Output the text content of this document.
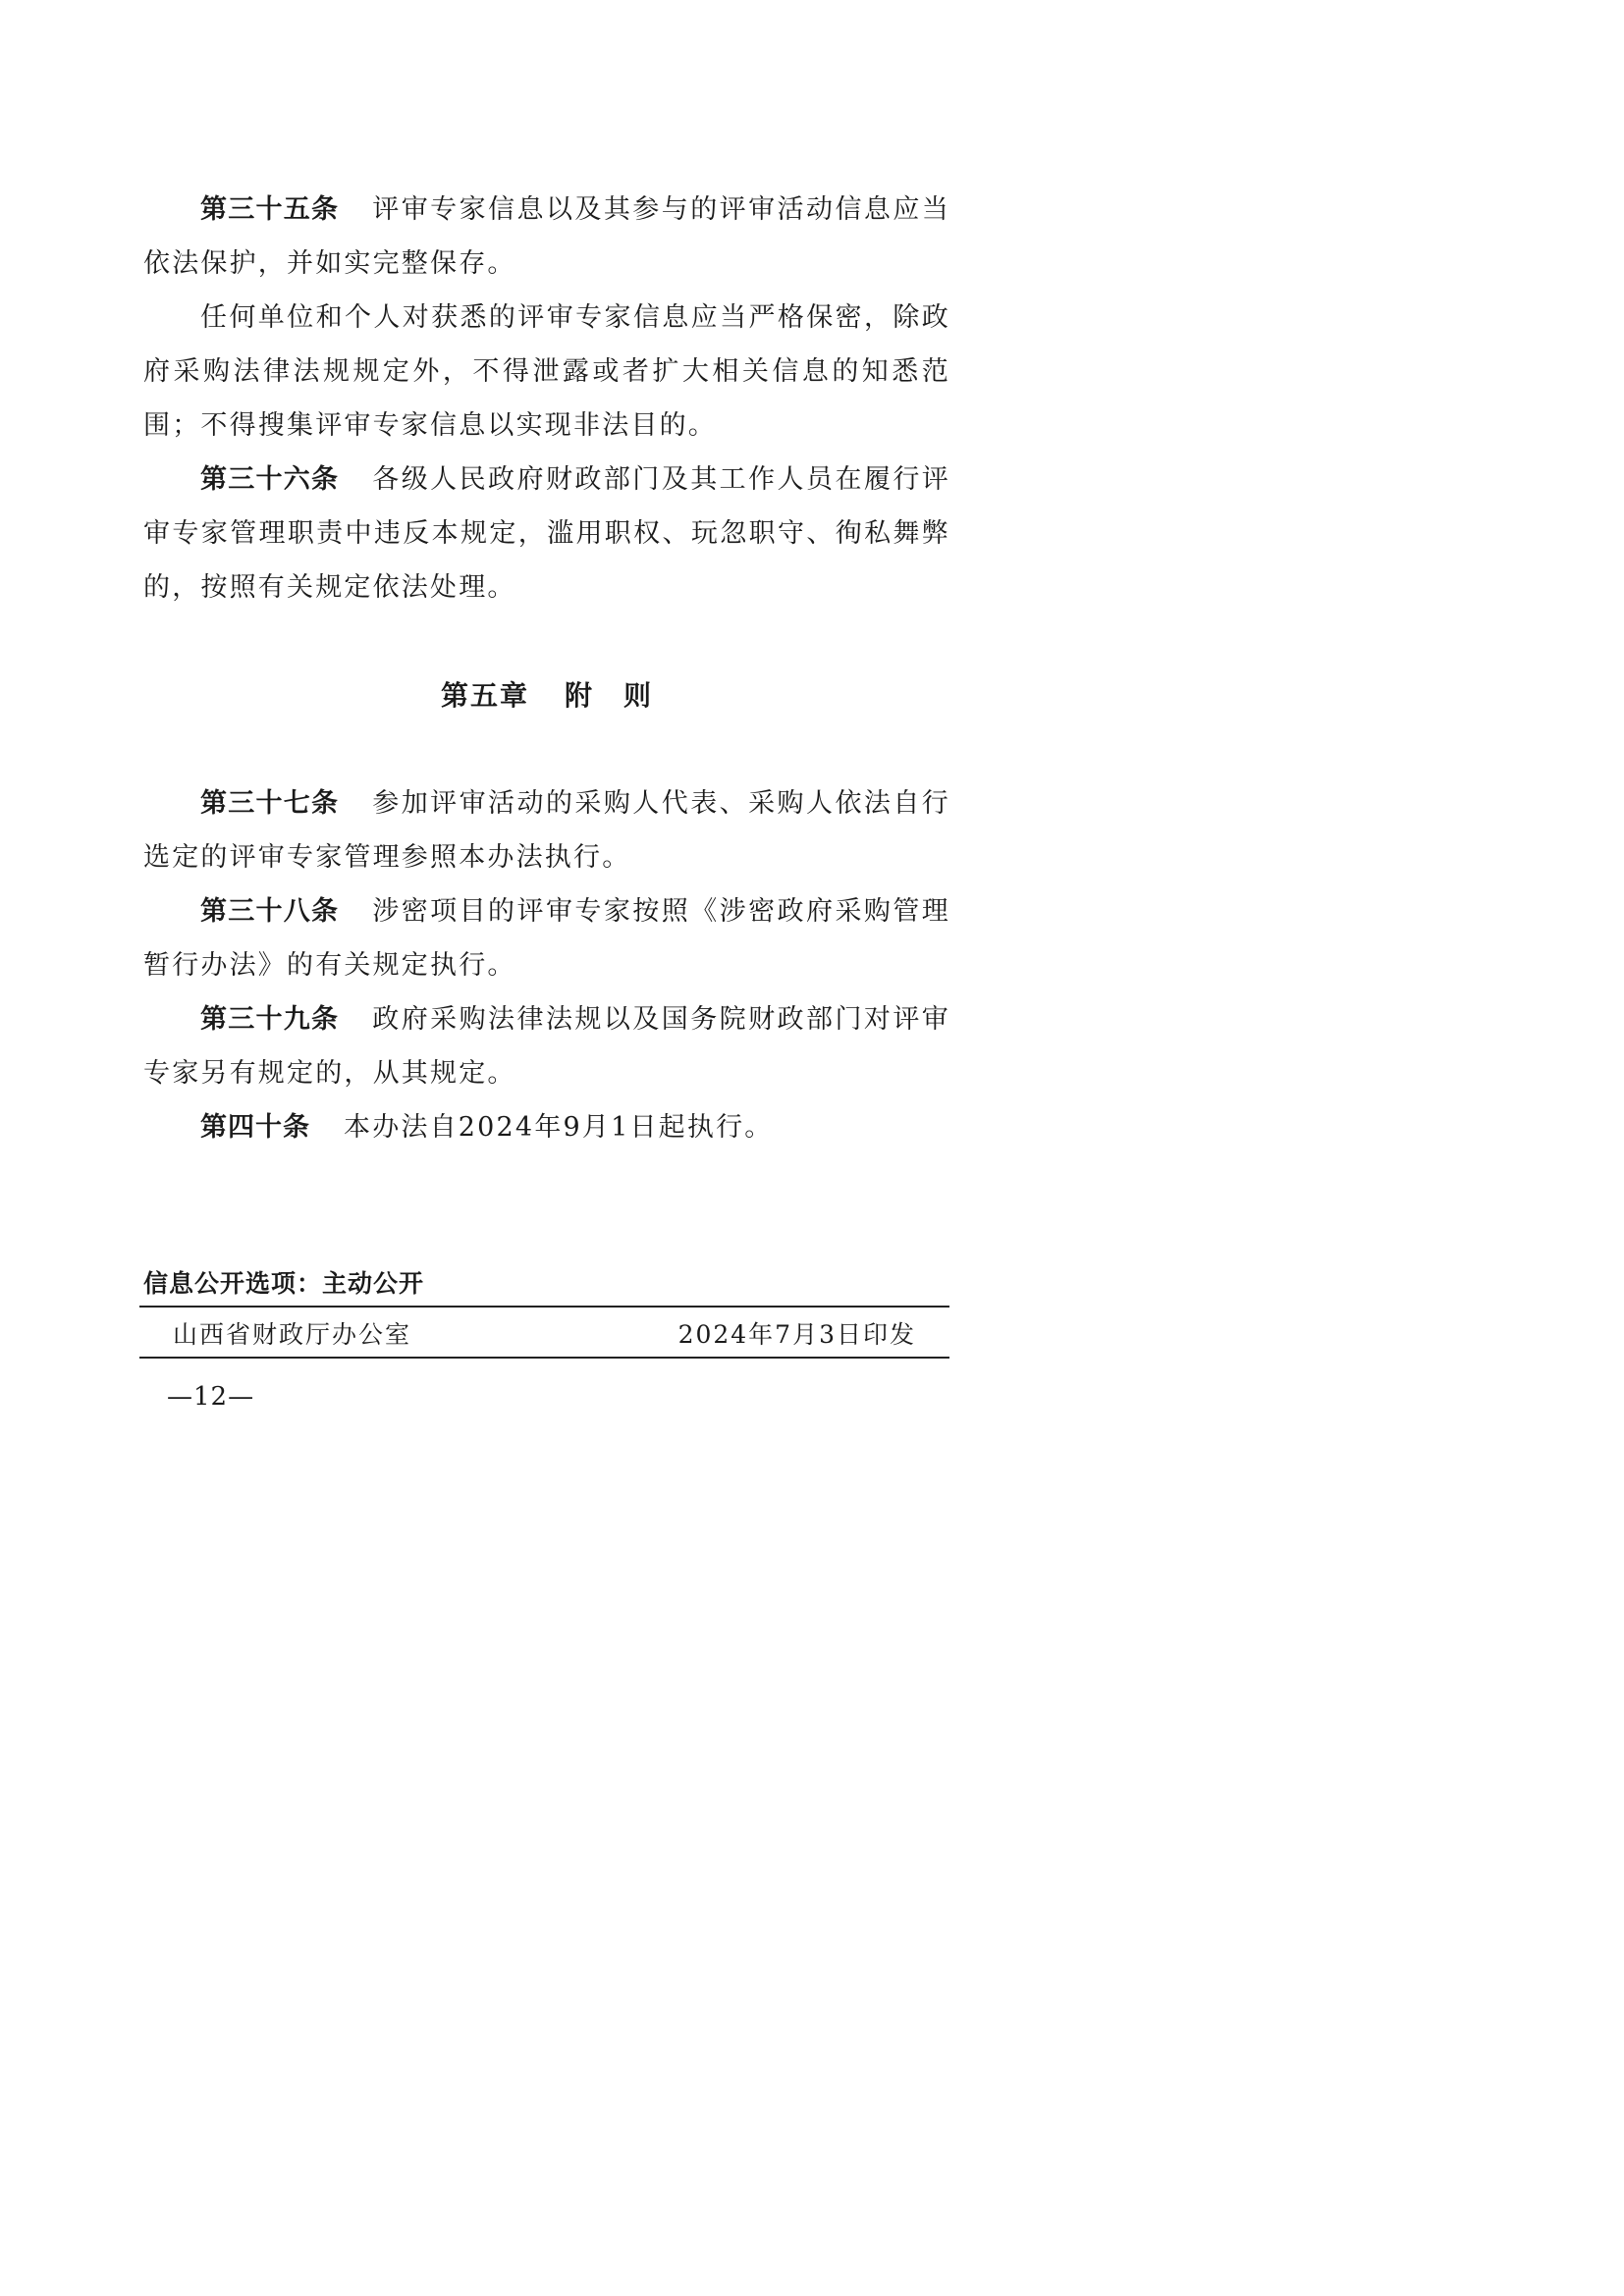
第三十五条 评审专家信息以及其参与的评审活动信息应当依法保护，并如实完整保存。

任何单位和个人对获悉的评审专家信息应当严格保密，除政府采购法律法规规定外，不得泄露或者扩大相关信息的知悉范围；不得搜集评审专家信息以实现非法目的。

第三十六条 各级人民政府财政部门及其工作人员在履行评审专家管理职责中违反本规定，滥用职权、玩忽职守、徇私舞弊的，按照有关规定依法处理。

第五章 附 则

第三十七条 参加评审活动的采购人代表、采购人依法自行选定的评审专家管理参照本办法执行。

第三十八条 涉密项目的评审专家按照《涉密政府采购管理暂行办法》的有关规定执行。

第三十九条 政府采购法律法规以及国务院财政部门对评审专家另有规定的，从其规定。

第四十条 本办法自2024年9月1日起执行。

信息公开选项：主动公开

山西省财政厅办公室	2024年7月3日印发

—12—
